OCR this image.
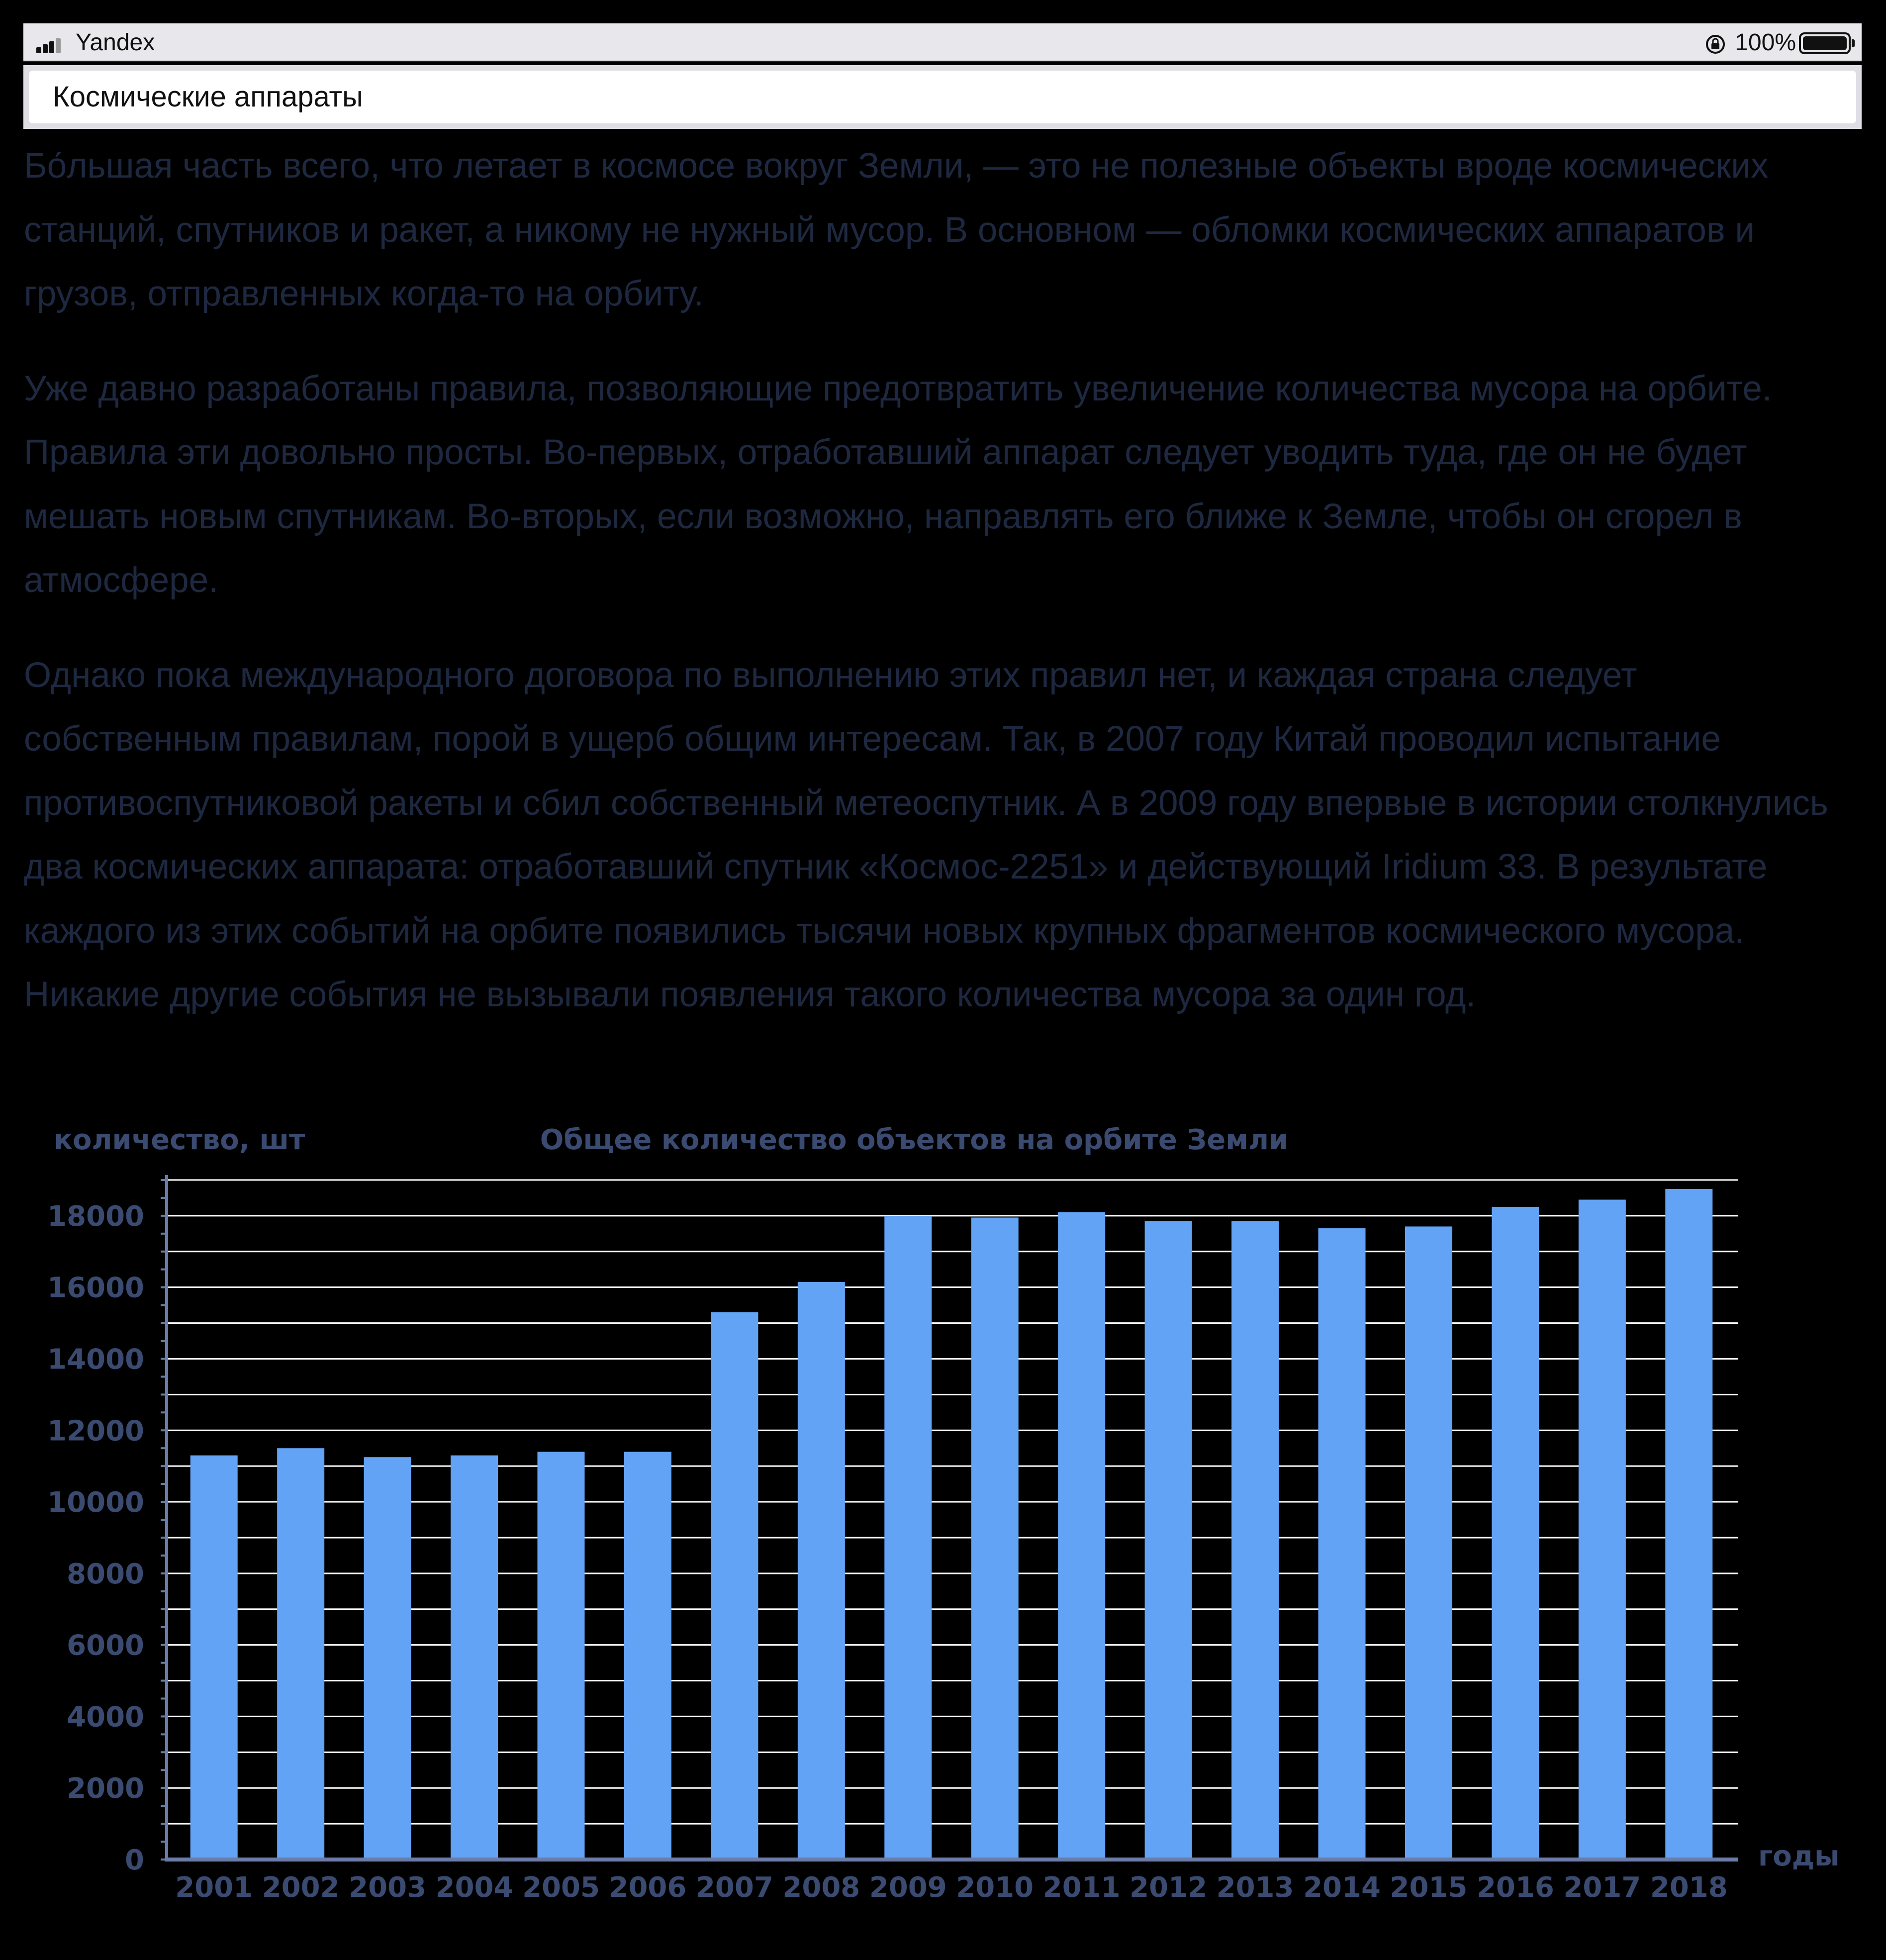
Yandex	100%
Космические аппараты

Бо́льшая часть всего, что летает в космосе вокруг Земли, — это не полезные объекты вроде космических станций, спутников и ракет, а никому не нужный мусор. В основном — обломки космических аппаратов и грузов, отправленных когда-то на орбиту.

Уже давно разработаны правила, позволяющие предотвратить увеличение количества мусора на орбите. Правила эти довольно просты. Во-первых, отработавший аппарат следует уводить туда, где он не будет мешать новым спутникам. Во-вторых, если возможно, направлять его ближе к Земле, чтобы он сгорел в атмосфере.

Однако пока международного договора по выполнению этих правил нет, и каждая страна следует собственным правилам, порой в ущерб общим интересам. Так, в 2007 году Китай проводил испытание противоспутниковой ракеты и сбил собственный метеоспутник. А в 2009 году впервые в истории столкнулись два космических аппарата: отработавший спутник «Космос-2251» и действующий Iridium 33. В результате каждого из этих событий на орбите появились тысячи новых крупных фрагментов космического мусора. Никакие другие события не вызывали появления такого количества мусора за один год.

2001 2002 2003 2004 2005 2006 2007 2008 2009 2010 2011 2012 2013 2014 2015 2016 2017 2018
0
2000
4000
6000
8000
10000
12000
14000
16000
18000
количество, шт	Общее количество объектов на орбите Земли
годы
